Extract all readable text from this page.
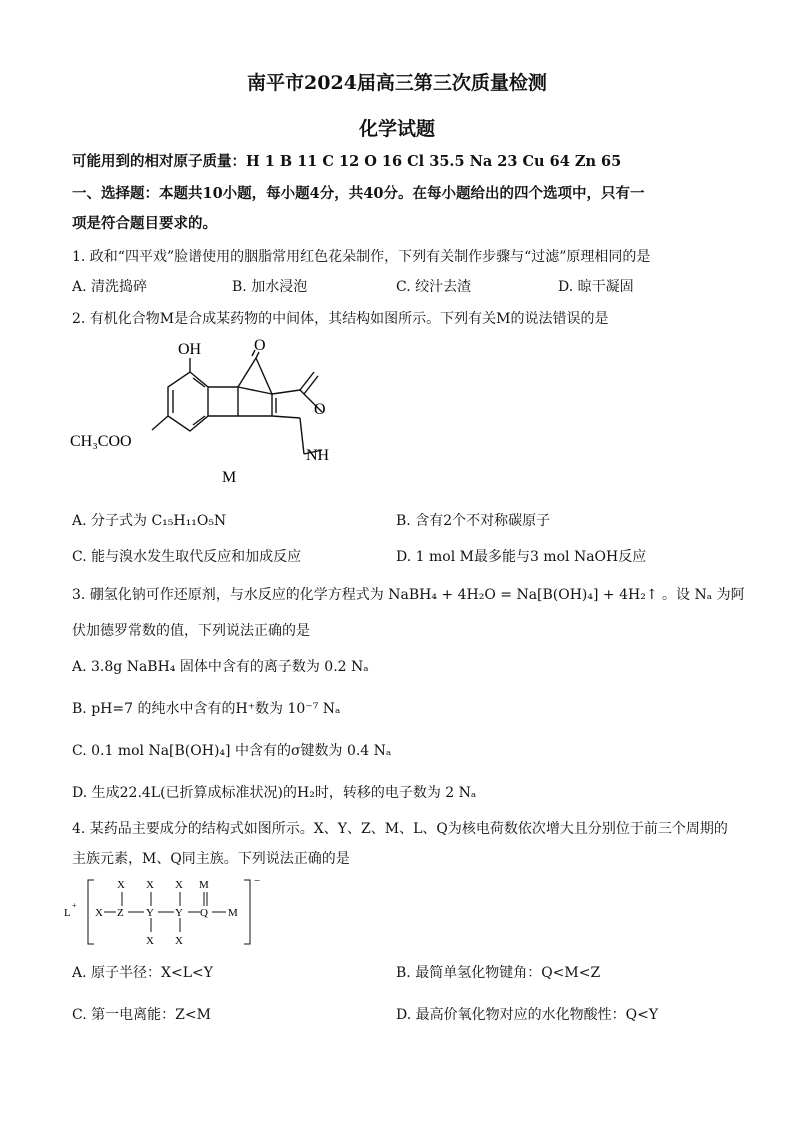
南平市2024届高三第三次质量检测
化学试题
可能用到的相对原子质量：H 1 B 11 C 12 O 16 Cl 35.5 Na 23 Cu 64 Zn 65
一、选择题：本题共10小题，每小题4分，共40分。在每小题给出的四个选项中，只有一
项是符合题目要求的。
1. 政和“四平戏”脸谱使用的胭脂常用红色花朵制作，下列有关制作步骤与“过滤”原理相同的是
A. 清洗捣碎	B. 加水浸泡	C. 绞汁去渣	D. 晾干凝固
2. 有机化合物M是合成某药物的中间体，其结构如图所示。下列有关M的说法错误的是
OH	O
O
NH
CH₃COO
M
A. 分子式为 C₁₅H₁₁O₅N	B. 含有2个不对称碳原子
C. 能与溴水发生取代反应和加成反应	D. 1 mol M最多能与3 mol NaOH反应
3. 硼氢化钠可作还原剂，与水反应的化学方程式为 NaBH₄ + 4H₂O = Na[B(OH)₄] + 4H₂↑ 。设 Nₐ 为阿
伏加德罗常数的值，下列说法正确的是
A. 3.8g NaBH₄ 固体中含有的离子数为 0.2 Nₐ
B. pH=7 的纯水中含有的H⁺数为 10⁻⁷ Nₐ
C. 0.1 mol Na[B(OH)₄] 中含有的σ键数为 0.4 Nₐ
D. 生成22.4L(已折算成标准状况)的H₂时，转移的电子数为 2 Nₐ
4. 某药品主要成分的结构式如图所示。X、Y、Z、M、L、Q为核电荷数依次增大且分别位于前三个周期的
主族元素，M、Q同主族。下列说法正确的是
L
+
−
X Z
X
Y
X
X
Y
X
X
Q
M
M
A. 原子半径：X<L<Y	B. 最简单氢化物键角：Q<M<Z
C. 第一电离能：Z<M	D. 最高价氧化物对应的水化物酸性：Q<Y
